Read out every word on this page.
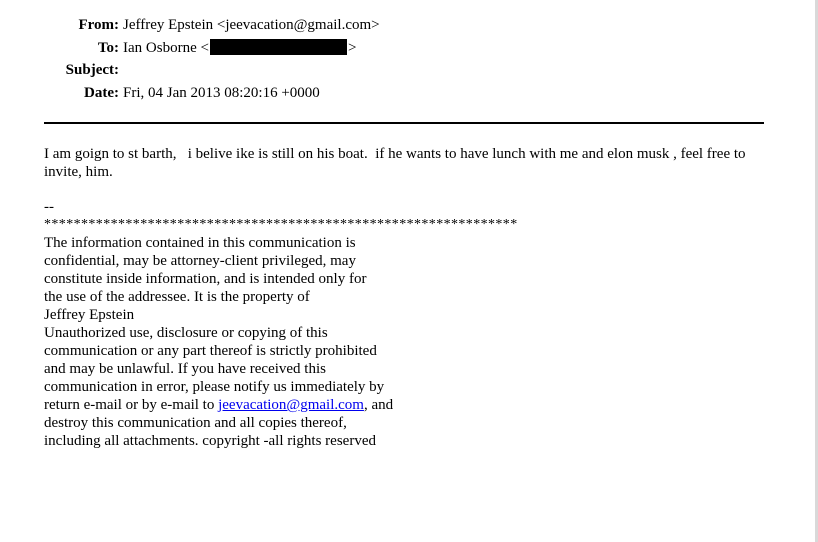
From: Jeffrey Epstein <jeevacation@gmail.com>
To: Ian Osborne <	>
Subject:
Date: Fri, 04 Jan 2013 08:20:16 +0000

I am goign to st barth,   i belive ike is still on his boat.  if he wants to have lunch with me and elon musk , feel free to invite, him.

--
****************************************************************
The information contained in this communication is
confidential, may be attorney-client privileged, may
constitute inside information, and is intended only for
the use of the addressee. It is the property of
Jeffrey Epstein
Unauthorized use, disclosure or copying of this
communication or any part thereof is strictly prohibited
and may be unlawful. If you have received this
communication in error, please notify us immediately by
return e-mail or by e-mail to jeevacation@gmail.com, and
destroy this communication and all copies thereof,
including all attachments. copyright -all rights reserved
